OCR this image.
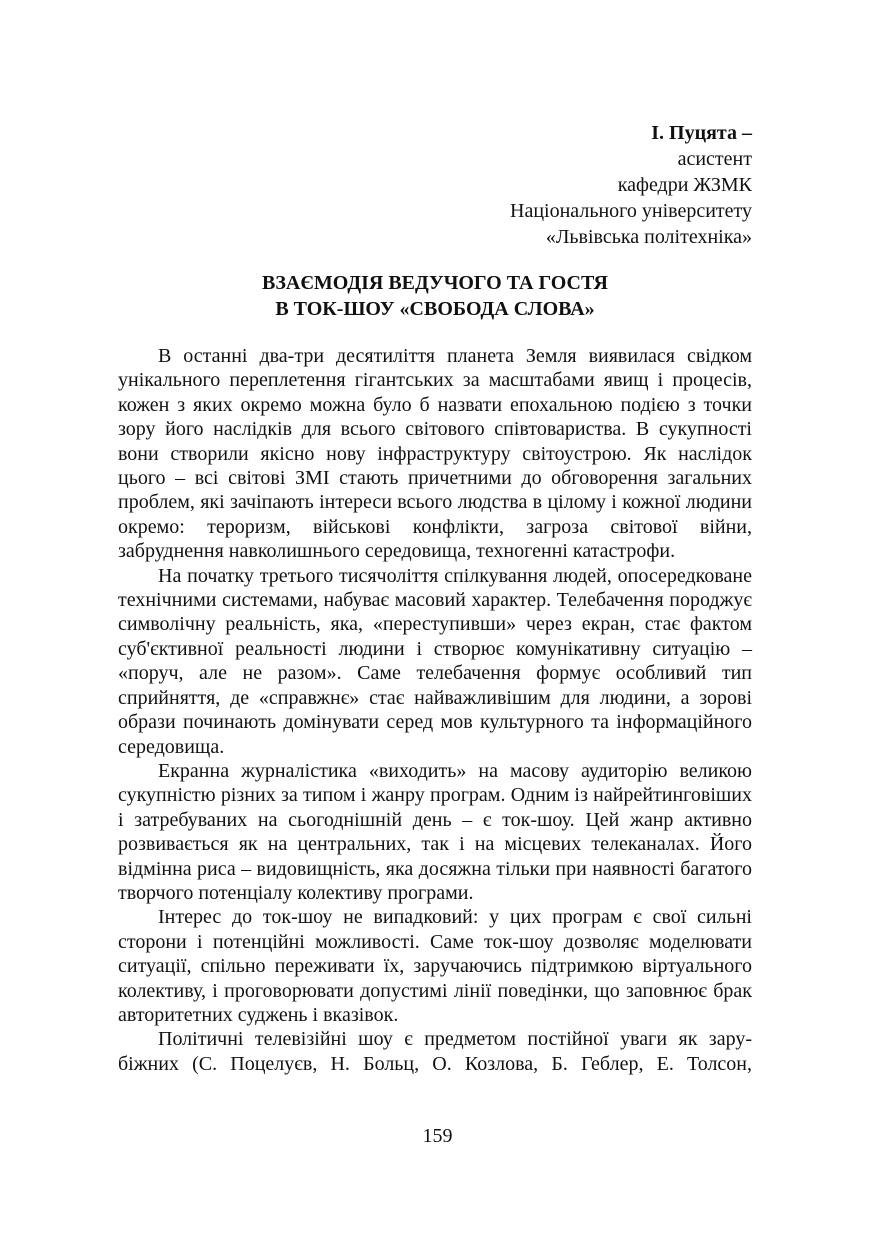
І. Пуцята –
асистент
кафедри ЖЗМК
Національного університету
«Львівська політехніка»
ВЗАЄМОДІЯ ВЕДУЧОГО ТА ГОСТЯ
В ТОК-ШОУ «СВОБОДА СЛОВА»

В останні два-три десятиліття планета Земля виявилася свідком унікального переплетення гігантських за масштабами явищ і процесів, кожен з яких окремо можна було б назвати епохальною подією з точки зору його наслідків для всього світового співтовариства. В сукупності вони створили якісно нову інфраструктуру світоустрою. Як наслідок цього – всі світові ЗМІ стають причетними до обговорення загальних проблем, які зачіпають інтереси всього людства в цілому і кожної людини окремо: тероризм, військові конфлікти, загроза світової війни, забруднення навколишнього середовища, техногенні катастрофи.

На початку третього тисячоліття спілкування людей, опосередковане технічними системами, набуває масовий характер. Телебачення породжує символічну реальність, яка, «переступивши» через екран, стає фактом суб'єктивної реальності людини і створює комунікативну ситуацію – «поруч, але не разом». Саме телебачення формує особливий тип сприйняття, де «справжнє» стає найважливішим для людини, а зорові образи починають домінувати серед мов культурного та інформаційного середовища.

Екранна журналістика «виходить» на масову аудиторію великою сукупністю різних за типом і жанру програм. Одним із найрейтинговіших і затребуваних на сьогоднішній день – є ток-шоу. Цей жанр активно розвивається як на центральних, так і на місцевих телеканалах. Його відмінна риса – видовищність, яка досяжна тільки при наявності багатого творчого потенціалу колективу програми.

Інтерес до ток-шоу не випадковий: у цих програм є свої сильні сторони і потенційні можливості. Саме ток-шоу дозволяє моделювати ситуації, спільно переживати їх, заручаючись підтримкою віртуального колективу, і проговорювати допустимі лінії поведінки, що заповнює брак авторитетних суджень і вказівок.

Політичні телевізійні шоу є предметом постійної уваги як зарубіжних (С. Поцелуєв, Н. Больц, О. Козлова, Б. Геблер, Е. Толсон,

159
